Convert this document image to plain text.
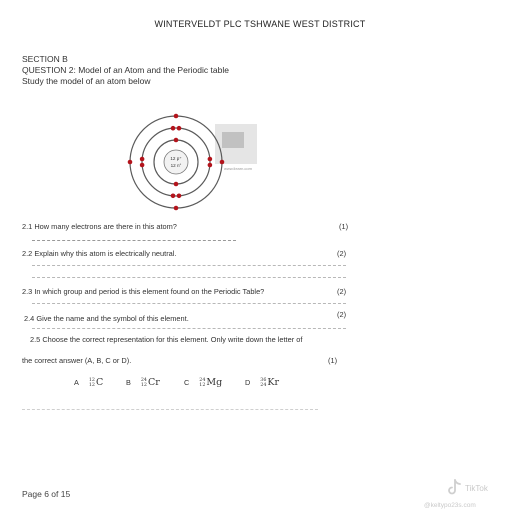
WINTERVELDT PLC TSHWANE WEST DISTRICT
SECTION B
QUESTION 2: Model of an Atom and the Periodic table
Study the model of an atom below
12 p⁺
12 n°
www.ilearn.com
2.1 How many electrons are there in this atom?	(1)
2.2 Explain why this atom is electrically neutral.	(2)
2.3 In which group and period is this element found on the Periodic Table?	(2)
2.4 Give the name and the symbol of this element.	(2)
2.5 Choose the correct representation for this element. Only write down the letter of
the correct answer (A, B, C or D).	(1)
A 12
12 C	B 24
12 Cr	C 24
12 Mg	D 36
24 Kr
Page 6 of 15
TikTok
@keltypo23s.com
